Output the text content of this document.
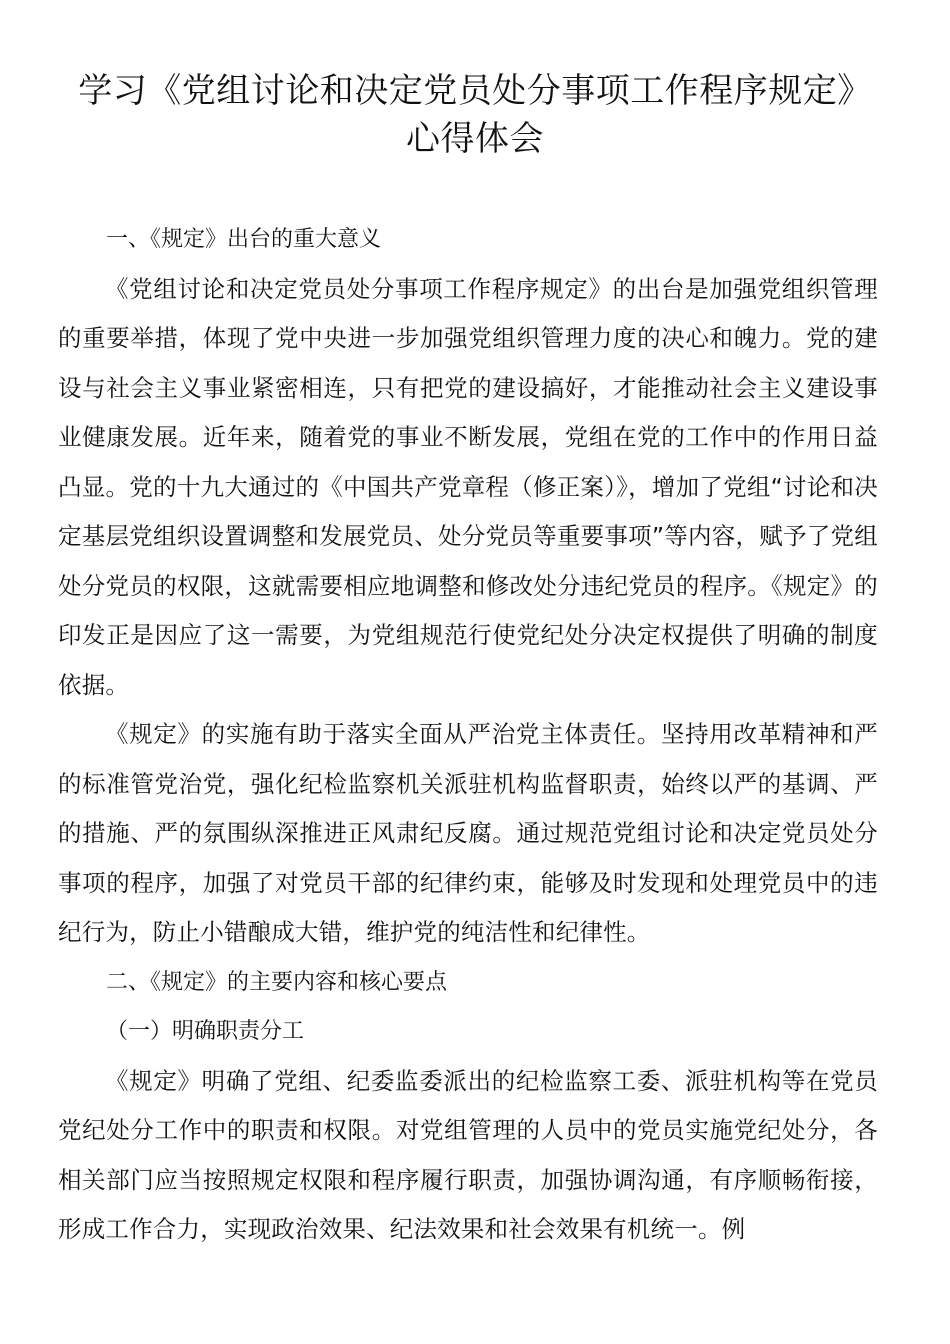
学习《党组讨论和决定党员处分事项工作程序规定》
心得体会

一、《规定》出台的重大意义

《党组讨论和决定党员处分事项工作程序规定》的出台是加强党组织管理的重要举措，体现了党中央进一步加强党组织管理力度的决心和魄力。党的建设与社会主义事业紧密相连，只有把党的建设搞好，才能推动社会主义建设事业健康发展。近年来，随着党的事业不断发展，党组在党的工作中的作用日益凸显。党的十九大通过的《中国共产党章程（修正案）》，增加了党组“讨论和决定基层党组织设置调整和发展党员、处分党员等重要事项”等内容，赋予了党组处分党员的权限，这就需要相应地调整和修改处分违纪党员的程序。《规定》的印发正是因应了这一需要，为党组规范行使党纪处分决定权提供了明确的制度依据。

《规定》的实施有助于落实全面从严治党主体责任。坚持用改革精神和严的标准管党治党，强化纪检监察机关派驻机构监督职责，始终以严的基调、严的措施、严的氛围纵深推进正风肃纪反腐。通过规范党组讨论和决定党员处分事项的程序，加强了对党员干部的纪律约束，能够及时发现和处理党员中的违纪行为，防止小错酿成大错，维护党的纯洁性和纪律性。

二、《规定》的主要内容和核心要点

（一）明确职责分工

《规定》明确了党组、纪委监委派出的纪检监察工委、派驻机构等在党员党纪处分工作中的职责和权限。对党组管理的人员中的党员实施党纪处分，各相关部门应当按照规定权限和程序履行职责，加强协调沟通，有序顺畅衔接，形成工作合力，实现政治效果、纪法效果和社会效果有机统一。例
